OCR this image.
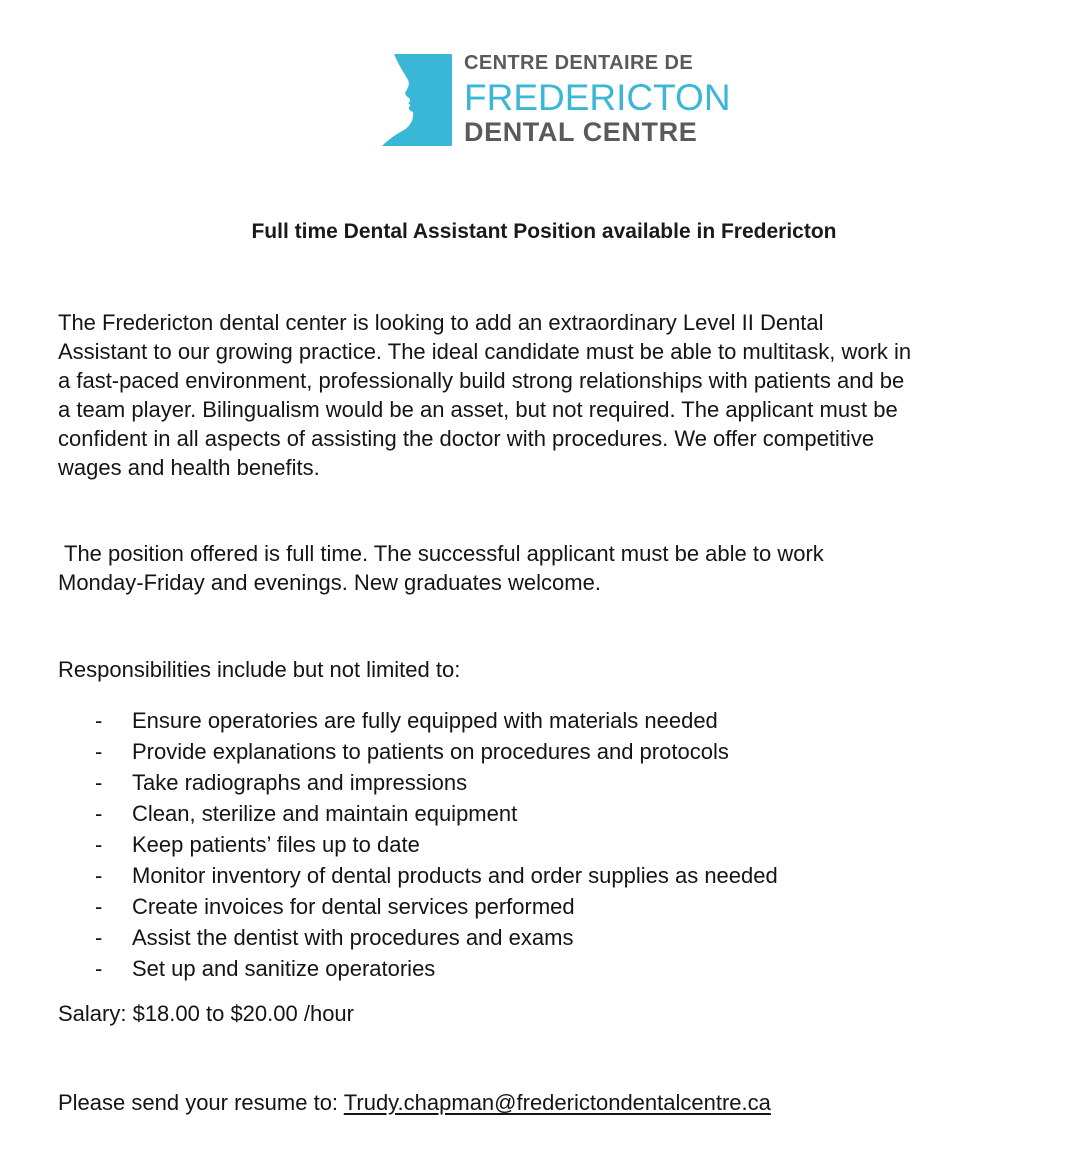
CENTRE DENTAIRE DE
FREDERICTON
DENTAL CENTRE
Full time Dental Assistant Position available in Fredericton
The Fredericton dental center is looking to add an extraordinary Level II Dental
Assistant to our growing practice. The ideal candidate must be able to multitask, work in
a fast-paced environment, professionally build strong relationships with patients and be
a team player. Bilingualism would be an asset, but not required. The applicant must be
confident in all aspects of assisting the doctor with procedures. We offer competitive
wages and health benefits.
The position offered is full time. The successful applicant must be able to work
Monday-Friday and evenings. New graduates welcome.
Responsibilities include but not limited to:
- Ensure operatories are fully equipped with materials needed
- Provide explanations to patients on procedures and protocols
- Take radiographs and impressions
- Clean, sterilize and maintain equipment
- Keep patients’ files up to date
- Monitor inventory of dental products and order supplies as needed
- Create invoices for dental services performed
- Assist the dentist with procedures and exams
- Set up and sanitize operatories
Salary: $18.00 to $20.00 /hour
Please send your resume to: Trudy.chapman@frederictondentalcentre.ca
